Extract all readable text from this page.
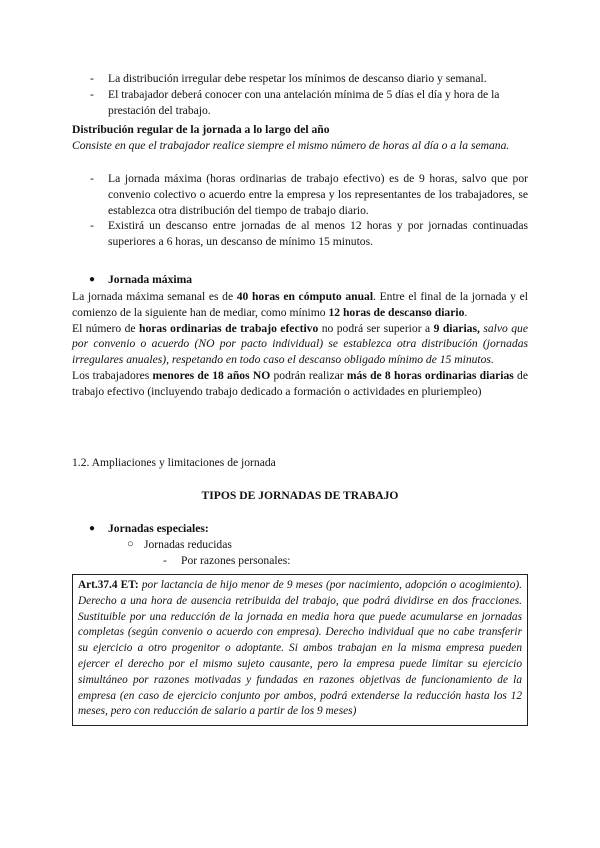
- La distribución irregular debe respetar los mínimos de descanso diario y semanal.
- El trabajador deberá conocer con una antelación mínima de 5 días el día y hora de la prestación del trabajo.
Distribución regular de la jornada a lo largo del año
Consiste en que el trabajador realice siempre el mismo número de horas al día o a la semana.
- La jornada máxima (horas ordinarias de trabajo efectivo) es de 9 horas, salvo que por convenio colectivo o acuerdo entre la empresa y los representantes de los trabajadores, se establezca otra distribución del tiempo de trabajo diario.
- Existirá un descanso entre jornadas de al menos 12 horas y por jornadas continuadas superiores a 6 horas, un descanso de mínimo 15 minutos.
● Jornada máxima
La jornada máxima semanal es de 40 horas en cómputo anual. Entre el final de la jornada y el comienzo de la siguiente han de mediar, como mínimo 12 horas de descanso diario.
El número de horas ordinarias de trabajo efectivo no podrá ser superior a 9 diarias, salvo que por convenio o acuerdo (NO por pacto individual) se establezca otra distribución (jornadas irregulares anuales), respetando en todo caso el descanso obligado mínimo de 15 minutos.
Los trabajadores menores de 18 años NO podrán realizar más de 8 horas ordinarias diarias de trabajo efectivo (incluyendo trabajo dedicado a formación o actividades en pluriempleo)
1.2. Ampliaciones y limitaciones de jornada
TIPOS DE JORNADAS DE TRABAJO
● Jornadas especiales:
○ Jornadas reducidas
- Por razones personales:
Art.37.4 ET: por lactancia de hijo menor de 9 meses (por nacimiento, adopción o acogimiento). Derecho a una hora de ausencia retribuida del trabajo, que podrá dividirse en dos fracciones. Sustituible por una reducción de la jornada en media hora que puede acumularse en jornadas completas (según convenio o acuerdo con empresa). Derecho individual que no cabe transferir su ejercicio a otro progenitor o adoptante. Si ambos trabajan en la misma empresa pueden ejercer el derecho por el mismo sujeto causante, pero la empresa puede limitar su ejercicio simultáneo por razones motivadas y fundadas en razones objetivas de funcionamiento de la empresa (en caso de ejercicio conjunto por ambos, podrá extenderse la reducción hasta los 12 meses, pero con reducción de salario a partir de los 9 meses)
